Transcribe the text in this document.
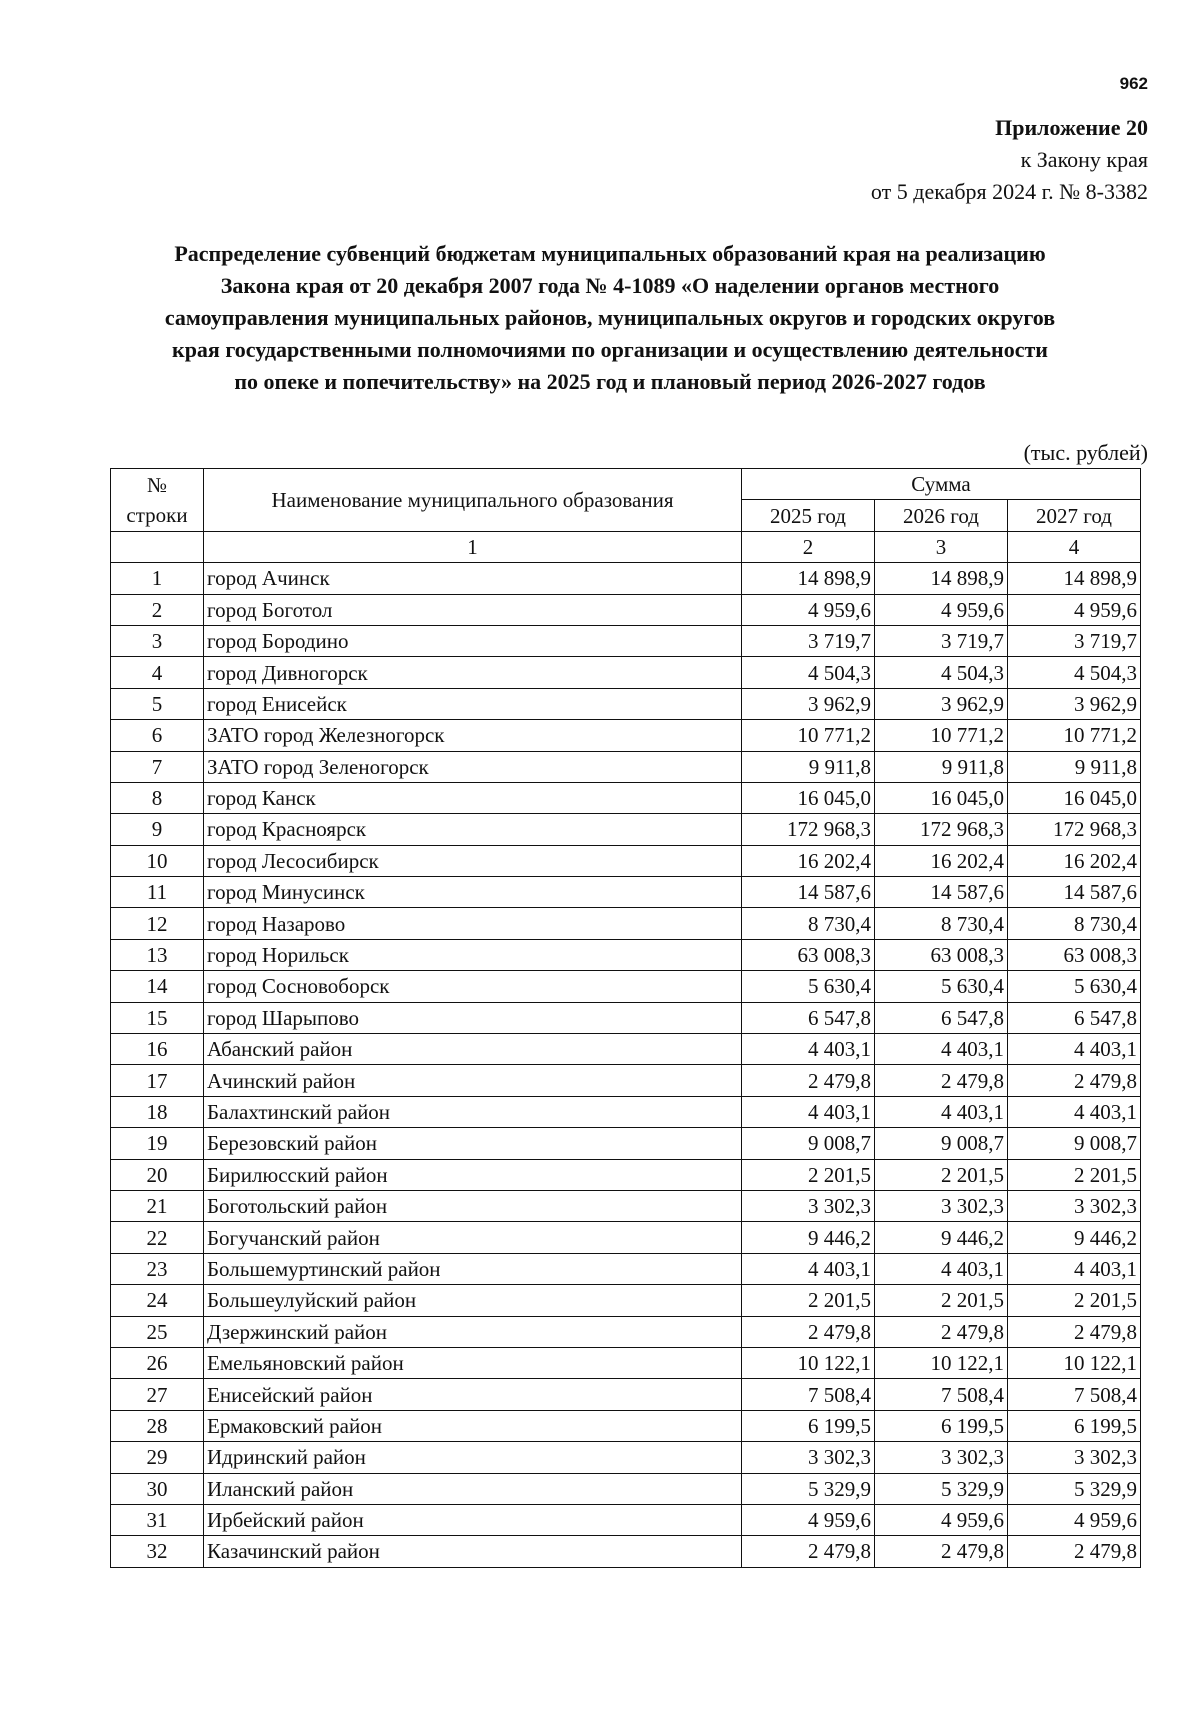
962
Приложение 20
к Закону края
от 5 декабря 2024 г. № 8-3382
Распределение субвенций бюджетам муниципальных образований края на реализацию
Закона края от 20 декабря 2007 года № 4-1089 «О наделении органов местного
самоуправления муниципальных районов, муниципальных округов и городских округов
края государственными полномочиями по организации и осуществлению деятельности
по опеке и попечительству» на 2025 год и плановый период 2026-2027 годов
(тыс. рублей)
№
строки	Наименование муниципального образования	Сумма		
		2025 год	2026 год	2027 год
	1	2	3	4
1	город Ачинск	14 898,9	14 898,9	14 898,9
2	город Боготол	4 959,6	4 959,6	4 959,6
3	город Бородино	3 719,7	3 719,7	3 719,7
4	город Дивногорск	4 504,3	4 504,3	4 504,3
5	город Енисейск	3 962,9	3 962,9	3 962,9
6	ЗАТО город Железногорск	10 771,2	10 771,2	10 771,2
7	ЗАТО город Зеленогорск	9 911,8	9 911,8	9 911,8
8	город Канск	16 045,0	16 045,0	16 045,0
9	город Красноярск	172 968,3	172 968,3	172 968,3
10	город Лесосибирск	16 202,4	16 202,4	16 202,4
11	город Минусинск	14 587,6	14 587,6	14 587,6
12	город Назарово	8 730,4	8 730,4	8 730,4
13	город Норильск	63 008,3	63 008,3	63 008,3
14	город Сосновоборск	5 630,4	5 630,4	5 630,4
15	город Шарыпово	6 547,8	6 547,8	6 547,8
16	Абанский район	4 403,1	4 403,1	4 403,1
17	Ачинский район	2 479,8	2 479,8	2 479,8
18	Балахтинский район	4 403,1	4 403,1	4 403,1
19	Березовский район	9 008,7	9 008,7	9 008,7
20	Бирилюсский район	2 201,5	2 201,5	2 201,5
21	Боготольский район	3 302,3	3 302,3	3 302,3
22	Богучанский район	9 446,2	9 446,2	9 446,2
23	Большемуртинский район	4 403,1	4 403,1	4 403,1
24	Большеулуйский район	2 201,5	2 201,5	2 201,5
25	Дзержинский район	2 479,8	2 479,8	2 479,8
26	Емельяновский район	10 122,1	10 122,1	10 122,1
27	Енисейский район	7 508,4	7 508,4	7 508,4
28	Ермаковский район	6 199,5	6 199,5	6 199,5
29	Идринский район	3 302,3	3 302,3	3 302,3
30	Иланский район	5 329,9	5 329,9	5 329,9
31	Ирбейский район	4 959,6	4 959,6	4 959,6
32	Казачинский район	2 479,8	2 479,8	2 479,8
